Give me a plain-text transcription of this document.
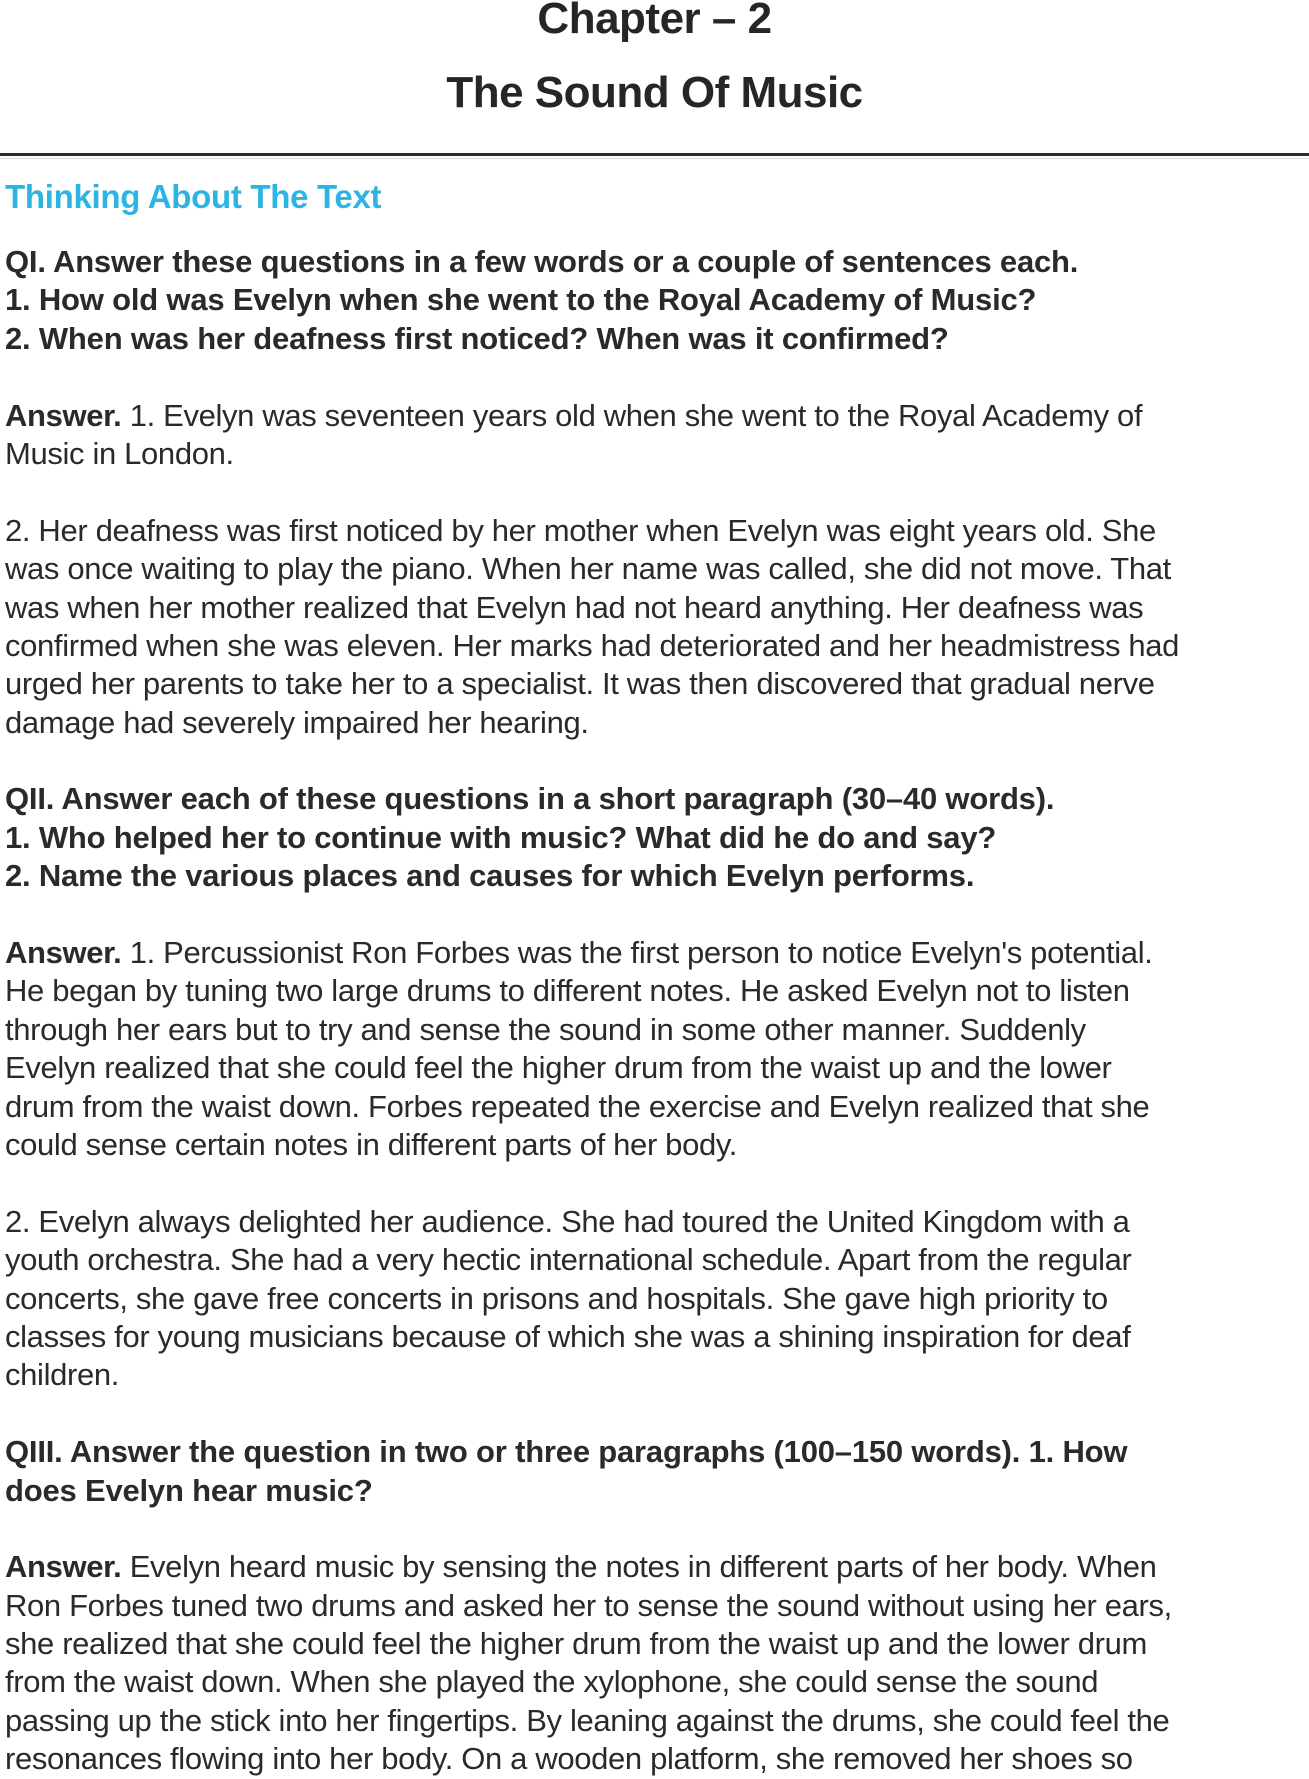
Chapter – 2
The Sound Of Music
Thinking About The Text
QI. Answer these questions in a few words or a couple of sentences each.
1. How old was Evelyn when she went to the Royal Academy of Music?
2. When was her deafness first noticed? When was it confirmed?
Answer. 1. Evelyn was seventeen years old when she went to the Royal Academy of
Music in London.
2. Her deafness was first noticed by her mother when Evelyn was eight years old. She
was once waiting to play the piano. When her name was called, she did not move. That
was when her mother realized that Evelyn had not heard anything. Her deafness was
confirmed when she was eleven. Her marks had deteriorated and her headmistress had
urged her parents to take her to a specialist. It was then discovered that gradual nerve
damage had severely impaired her hearing.
QII. Answer each of these questions in a short paragraph (30–40 words).
1. Who helped her to continue with music? What did he do and say?
2. Name the various places and causes for which Evelyn performs.
Answer. 1. Percussionist Ron Forbes was the first person to notice Evelyn's potential.
He began by tuning two large drums to different notes. He asked Evelyn not to listen
through her ears but to try and sense the sound in some other manner. Suddenly
Evelyn realized that she could feel the higher drum from the waist up and the lower
drum from the waist down. Forbes repeated the exercise and Evelyn realized that she
could sense certain notes in different parts of her body.
2. Evelyn always delighted her audience. She had toured the United Kingdom with a
youth orchestra. She had a very hectic international schedule. Apart from the regular
concerts, she gave free concerts in prisons and hospitals. She gave high priority to
classes for young musicians because of which she was a shining inspiration for deaf
children.
QIII. Answer the question in two or three paragraphs (100–150 words). 1. How
does Evelyn hear music?
Answer. Evelyn heard music by sensing the notes in different parts of her body. When
Ron Forbes tuned two drums and asked her to sense the sound without using her ears,
she realized that she could feel the higher drum from the waist up and the lower drum
from the waist down. When she played the xylophone, she could sense the sound
passing up the stick into her fingertips. By leaning against the drums, she could feel the
resonances flowing into her body. On a wooden platform, she removed her shoes so
